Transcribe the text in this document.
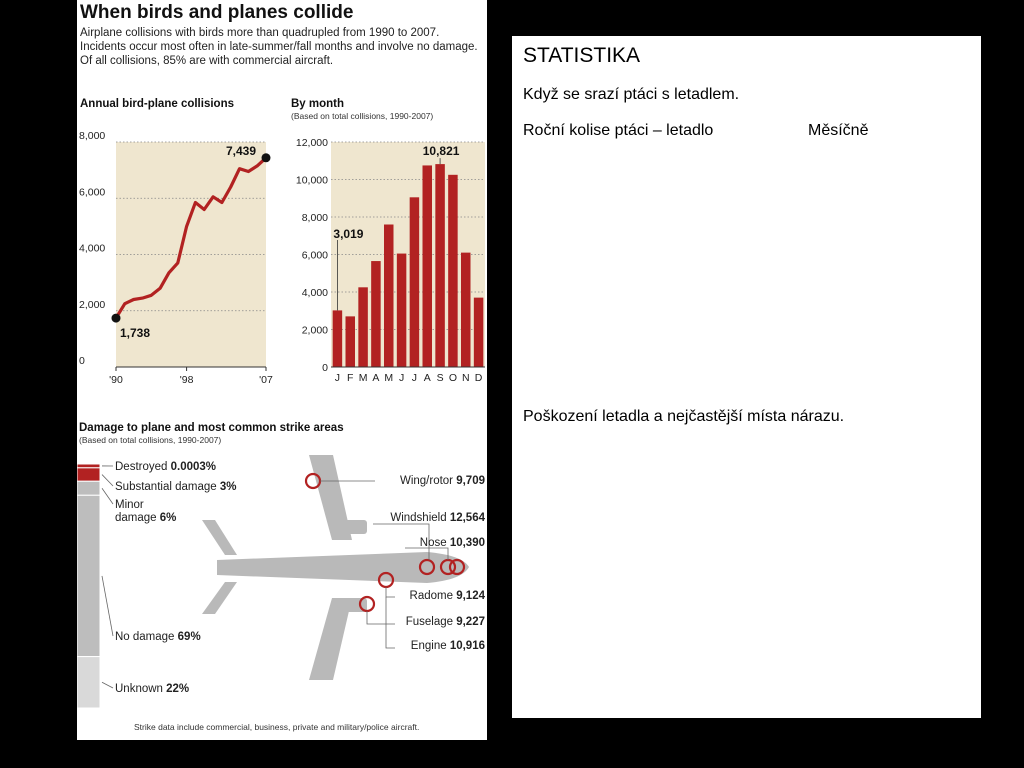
0
2,000
4,000
6,000
8,000
'90	'98	'07
1,738
7,439
0
2,000
4,000
6,000
8,000
10,000
12,000
J F M A M J J A S O N D
3,019
10,821
Destroyed 0.0003%
Substantial damage 3%
No damage 69%
Unknown 22%
Minor
damage 6%
Wing/rotor 9,709
Windshield 12,564
Nose 10,390
Radome 9,124
Fuselage 9,227
Engine 10,916
When birds and planes collide
Airplane collisions with birds more than quadrupled from 1990 to 2007. Incidents occur most often in late-summer/fall months and involve no damage. Of all collisions, 85% are with commercial aircraft.
Annual bird-plane collisions	By month
(Based on total collisions, 1990-2007)
Damage to plane and most common strike areas
(Based on total collisions, 1990-2007)
Strike data include commercial, business, private and military/police aircraft.
STATISTIKA
Když se srazí ptáci s letadlem.
Roční kolise ptáci – letadlo	Měsíčně
Poškození letadla a nejčastější místa nárazu.
